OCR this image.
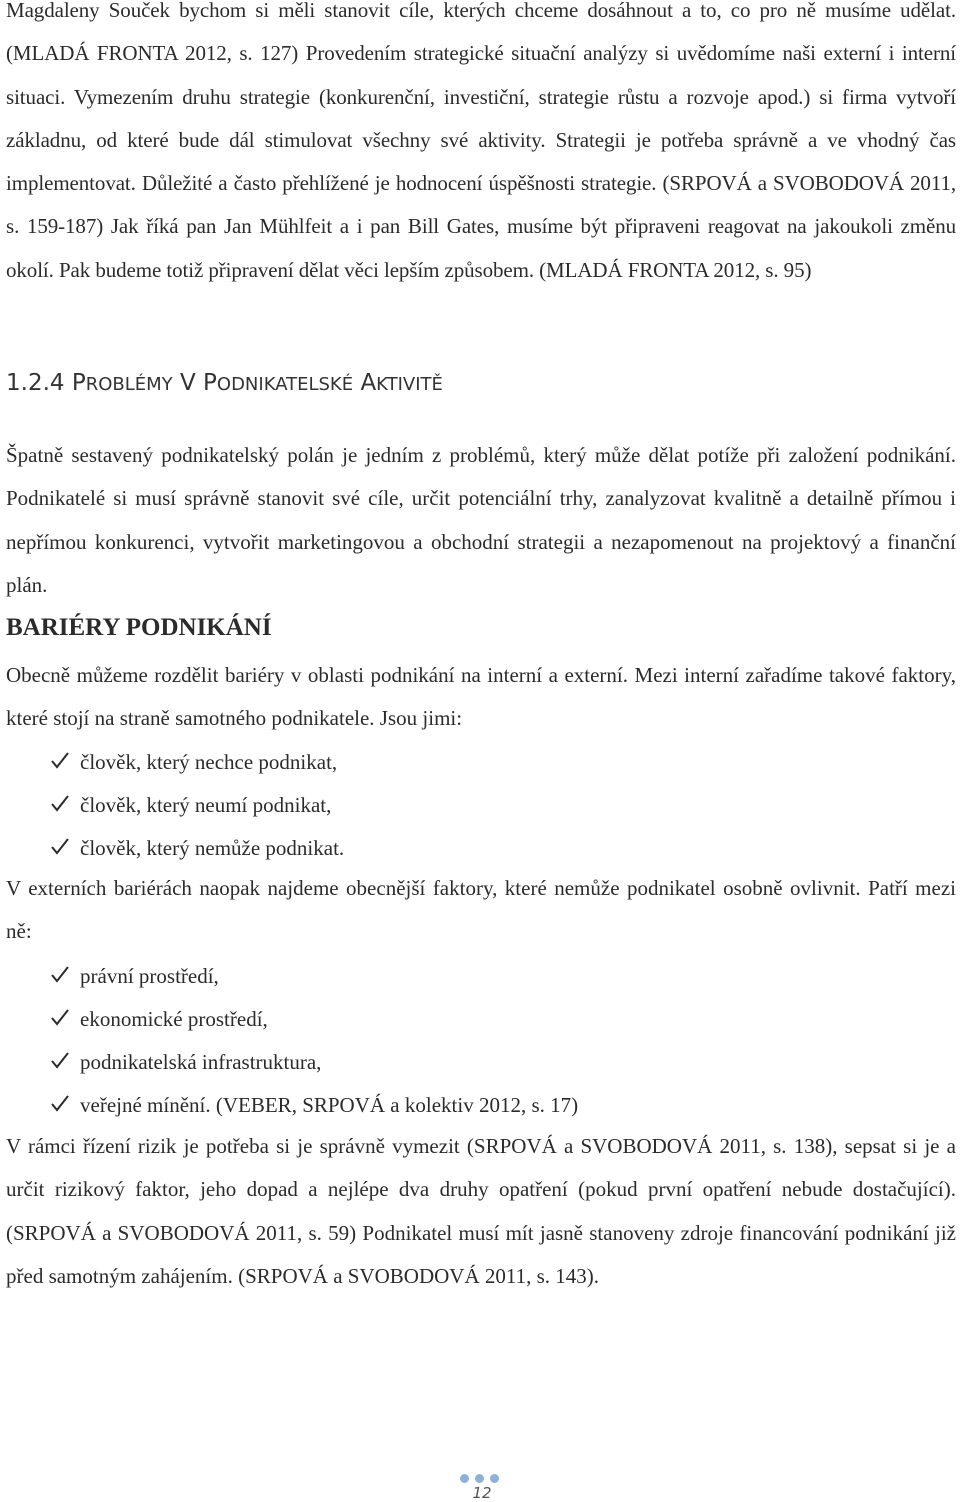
Magdaleny Souček bychom si měli stanovit cíle, kterých chceme dosáhnout a to, co pro ně musíme udělat. (MLADÁ FRONTA 2012, s. 127) Provedením strategické situační analýzy si uvědomíme naši externí i interní situaci. Vymezením druhu strategie (konkurenční, investiční, strategie růstu a rozvoje apod.) si firma vytvoří základnu, od které bude dál stimulovat všechny své aktivity. Strategii je potřeba správně a ve vhodný čas implementovat. Důležité a často přehlížené je hodnocení úspěšnosti strategie. (SRPOVÁ a SVOBODOVÁ 2011, s. 159-187) Jak říká pan Jan Mühlfeit a i pan Bill Gates, musíme být připraveni reagovat na jakoukoli změnu okolí. Pak budeme totiž připravení dělat věci lepším způsobem. (MLADÁ FRONTA 2012, s. 95)

1.2.4 PROBLÉMY V PODNIKATELSKÉ AKTIVITĚ

Špatně sestavený podnikatelský polán je jedním z problémů, který může dělat potíže při založení podnikání. Podnikatelé si musí správně stanovit své cíle, určit potenciální trhy, zanalyzovat kvalitně a detailně přímou i nepřímou konkurenci, vytvořit marketingovou a obchodní strategii a nezapomenout na projektový a finanční plán.

BARIÉRY PODNIKÁNÍ

Obecně můžeme rozdělit bariéry v oblasti podnikání na interní a externí. Mezi interní zařadíme takové faktory, které stojí na straně samotného podnikatele. Jsou jimi:

člověk, který nechce podnikat,
člověk, který neumí podnikat,
člověk, který nemůže podnikat.

V externích bariérách naopak najdeme obecnější faktory, které nemůže podnikatel osobně ovlivnit. Patří mezi ně:

právní prostředí,
ekonomické prostředí,
podnikatelská infrastruktura,
veřejné mínění. (VEBER, SRPOVÁ a kolektiv 2012, s. 17)

V rámci řízení rizik je potřeba si je správně vymezit (SRPOVÁ a SVOBODOVÁ 2011, s. 138), sepsat si je a určit rizikový faktor, jeho dopad a nejlépe dva druhy opatření (pokud první opatření nebude dostačující). (SRPOVÁ a SVOBODOVÁ 2011, s. 59) Podnikatel musí mít jasně stanoveny zdroje financování podnikání již před samotným zahájením. (SRPOVÁ a SVOBODOVÁ 2011, s. 143).

12
